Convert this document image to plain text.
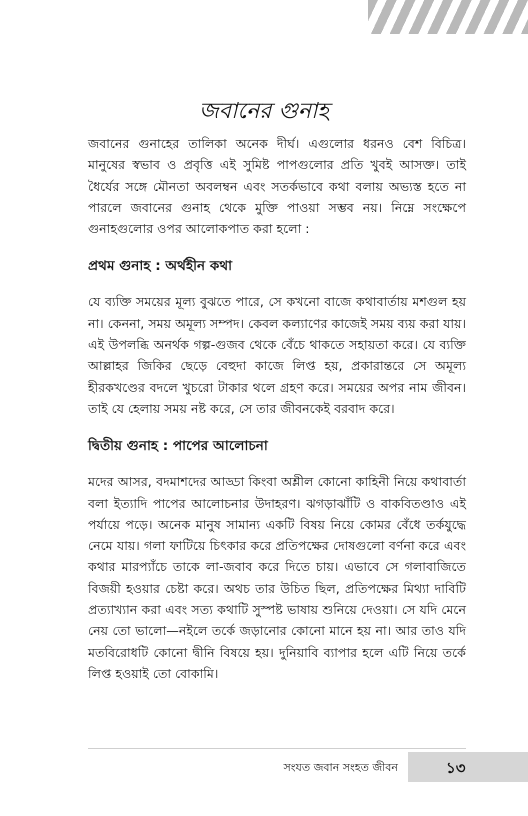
জবানের গুনাহ

জবানের গুনাহের তালিকা অনেক দীর্ঘ। এগুলোর ধরনও বেশ বিচিত্র। মানুষের স্বভাব ও প্রবৃত্তি এই সুমিষ্ট পাপগুলোর প্রতি খুবই আসক্ত। তাই ধৈর্যের সঙ্গে মৌনতা অবলম্বন এবং সতর্কভাবে কথা বলায় অভ্যস্ত হতে না পারলে জবানের গুনাহ থেকে মুক্তি পাওয়া সম্ভব নয়। নিম্নে সংক্ষেপে গুনাহগুলোর ওপর আলোকপাত করা হলো :

প্রথম গুনাহ : অর্থহীন কথা

যে ব্যক্তি সময়ের মূল্য বুঝতে পারে, সে কখনো বাজে কথাবার্তায় মশগুল হয় না। কেননা, সময় অমূল্য সম্পদ। কেবল কল্যাণের কাজেই সময় ব্যয় করা যায়। এই উপলব্ধি অনর্থক গল্প-গুজব থেকে বেঁচে থাকতে সহায়তা করে। যে ব্যক্তি আল্লাহর জিকির ছেড়ে বেহুদা কাজে লিপ্ত হয়, প্রকারান্তরে সে অমূল্য হীরকখণ্ডের বদলে খুচরো টাকার থলে গ্রহণ করে। সময়ের অপর নাম জীবন। তাই যে হেলায় সময় নষ্ট করে, সে তার জীবনকেই বরবাদ করে।

দ্বিতীয় গুনাহ : পাপের আলোচনা

মদের আসর, বদমাশদের আড্ডা কিংবা অশ্লীল কোনো কাহিনী নিয়ে কথাবার্তা বলা ইত্যাদি পাপের আলোচনার উদাহরণ। ঝগড়াঝাঁটি ও বাকবিতণ্ডাও এই পর্যায়ে পড়ে। অনেক মানুষ সামান্য একটি বিষয় নিয়ে কোমর বেঁধে তর্কযুদ্ধে নেমে যায়। গলা ফাটিয়ে চিৎকার করে প্রতিপক্ষের দোষগুলো বর্ণনা করে এবং কথার মারপ্যাঁচে তাকে লা-জবাব করে দিতে চায়। এভাবে সে গলাবাজিতে বিজয়ী হওয়ার চেষ্টা করে। অথচ তার উচিত ছিল, প্রতিপক্ষের মিথ্যা দাবিটি প্রত্যাখ্যান করা এবং সত্য কথাটি সুস্পষ্ট ভাষায় শুনিয়ে দেওয়া। সে যদি মেনে নেয় তো ভালো—নইলে তর্কে জড়ানোর কোনো মানে হয় না। আর তাও যদি মতবিরোধটি কোনো দ্বীনি বিষয়ে হয়। দুনিয়াবি ব্যাপার হলে এটি নিয়ে তর্কে লিপ্ত হওয়াই তো বোকামি।

সংযত জবান সংহত জীবন	১৩
